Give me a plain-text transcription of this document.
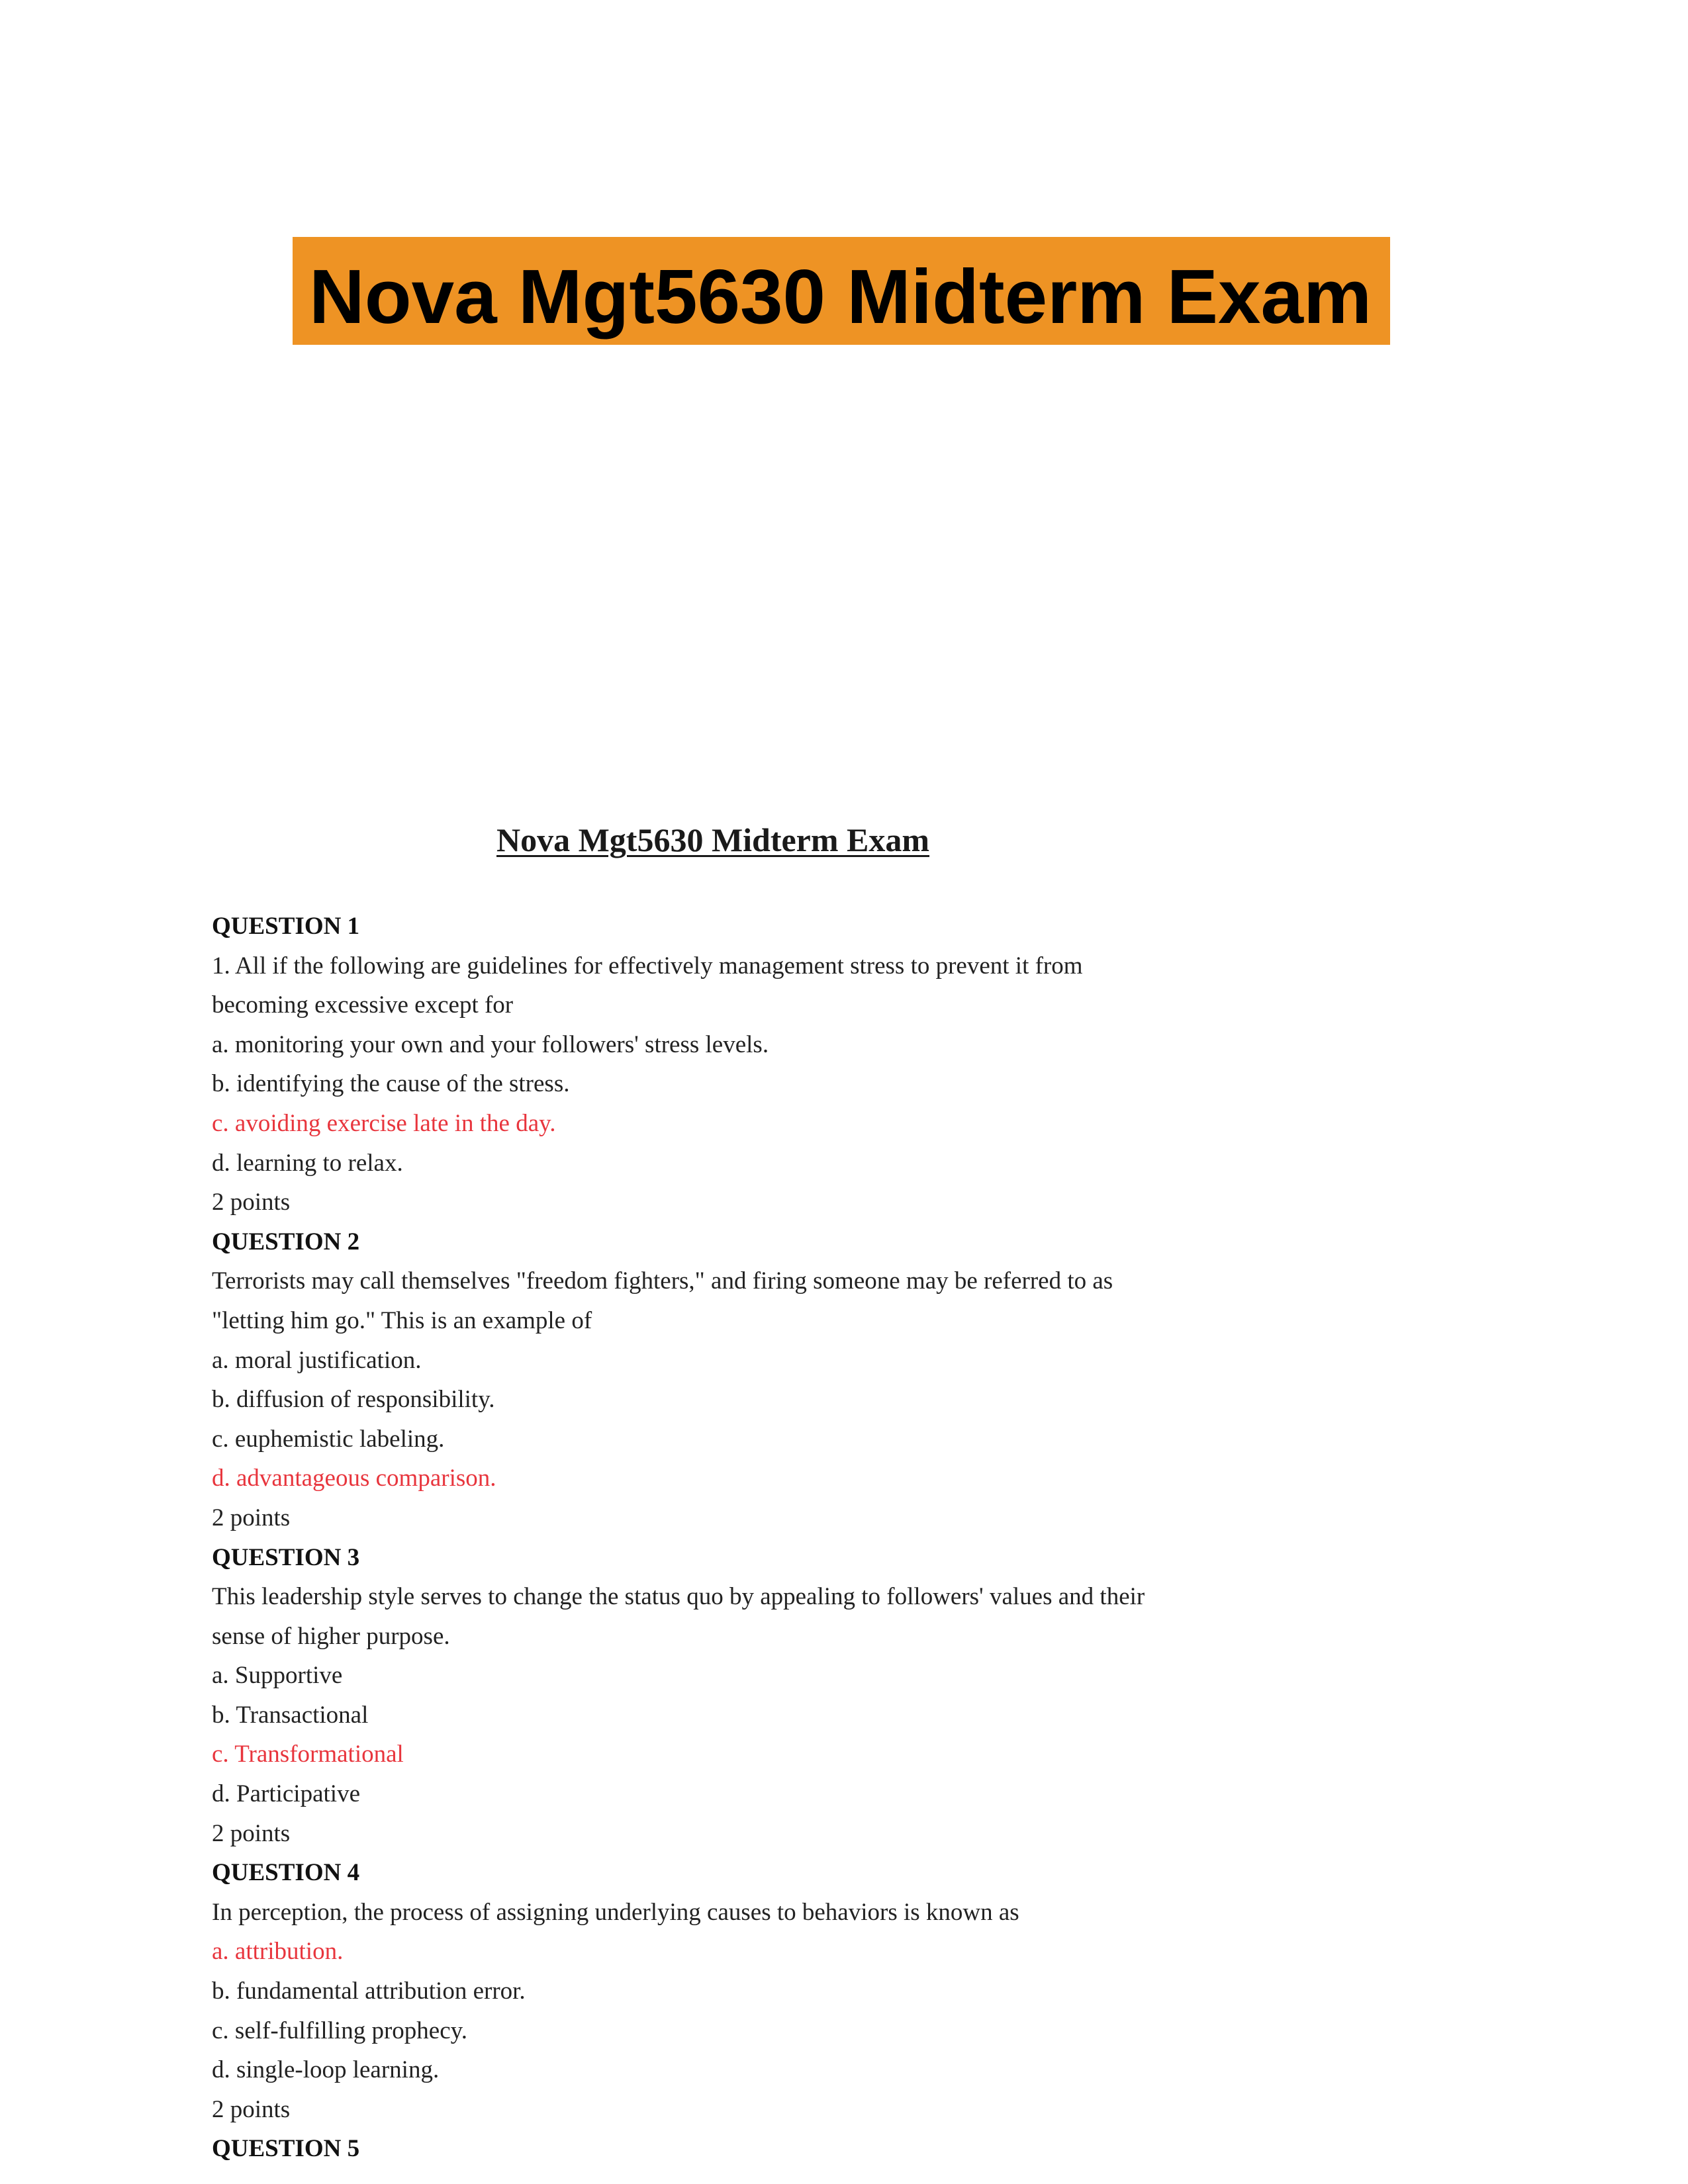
Nova Mgt5630 Midterm Exam
Nova Mgt5630 Midterm Exam
QUESTION 1
1. All if the following are guidelines for effectively management stress to prevent it from
becoming excessive except for
a. monitoring your own and your followers' stress levels.
b. identifying the cause of the stress.
c. avoiding exercise late in the day.
d. learning to relax.
2 points
QUESTION 2
Terrorists may call themselves "freedom fighters," and firing someone may be referred to as
"letting him go." This is an example of
a. moral justification.
b. diffusion of responsibility.
c. euphemistic labeling.
d. advantageous comparison.
2 points
QUESTION 3
This leadership style serves to change the status quo by appealing to followers' values and their
sense of higher purpose.
a. Supportive
b. Transactional
c. Transformational
d. Participative
2 points
QUESTION 4
In perception, the process of assigning underlying causes to behaviors is known as
a. attribution.
b. fundamental attribution error.
c. self-fulfilling prophecy.
d. single-loop learning.
2 points
QUESTION 5
